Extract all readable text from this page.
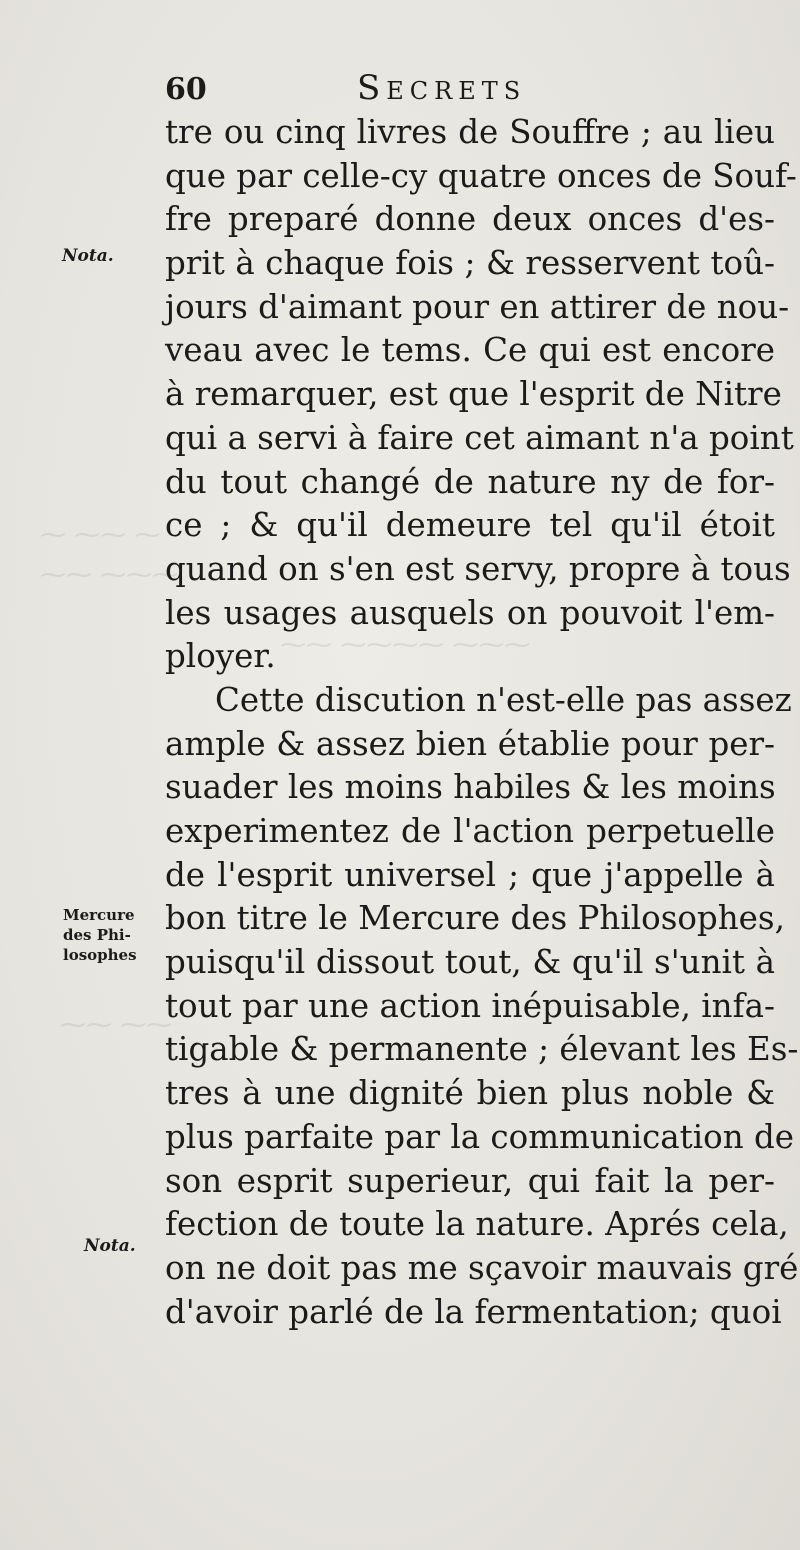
⁓ ⁓⁓ ⁓
⁓⁓ ⁓⁓⁓
⁓⁓ ⁓⁓⁓⁓ ⁓⁓⁓
⁓⁓ ⁓⁓
60	Secrets
Nota.
Mercure
des Phi-
losophes
Nota.
tre ou cinq livres de Souffre ; au lieu
que par celle-cy quatre onces de Souf-
fre preparé donne deux onces d'es-
prit à chaque fois ; & resservent toû-
jours d'aimant pour en attirer de nou-
veau avec le tems. Ce qui est encore
à remarquer, est que l'esprit de Nitre
qui a servi à faire cet aimant n'a point
du tout changé de nature ny de for-
ce ; & qu'il demeure tel qu'il étoit
quand on s'en est servy, propre à tous
les usages ausquels on pouvoit l'em-
ployer.
Cette discution n'est-elle pas assez
ample & assez bien établie pour per-
suader les moins habiles & les moins
experimentez de l'action perpetuelle
de l'esprit universel ; que j'appelle à
bon titre le Mercure des Philosophes,
puisqu'il dissout tout, & qu'il s'unit à
tout par une action inépuisable, infa-
tigable & permanente ; élevant les Es-
tres à une dignité bien plus noble &
plus parfaite par la communication de
son esprit superieur, qui fait la per-
fection de toute la nature. Aprés cela,
on ne doit pas me sçavoir mauvais gré
d'avoir parlé de la fermentation; quoi
